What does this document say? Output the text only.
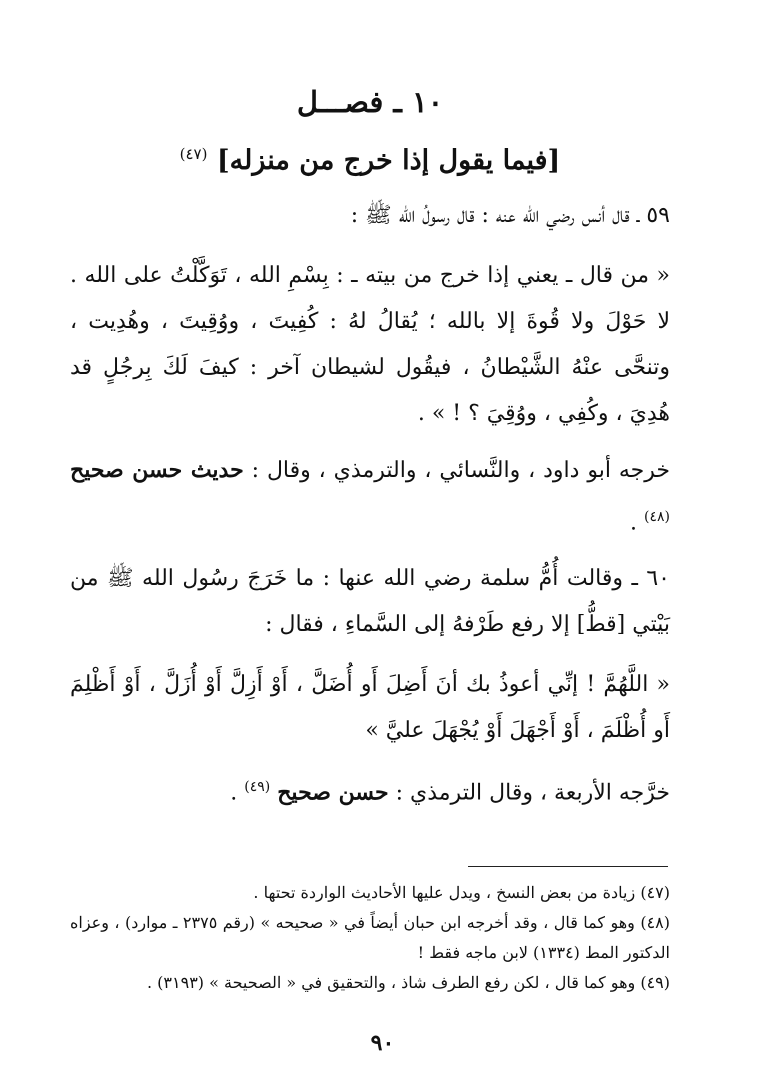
١٠ ـ فصـــل
[فيما يقول إذا خرج من منزله] $^{(٤٧)}$

٥٩ ـ قال أنس رضي الله عنه : قال رسولُ الله ﷺ :

« من قال ـ يعني إذا خرج من بيته ـ : بِسْمِ الله ، تَوَكَّلْتُ على الله . لا حَوْلَ ولا قُوةَ إلا بالله ؛ يُقالُ لهُ : كُفِيتَ ، ووُقِيتَ ، وهُدِيت ، وتنحَّى عنْهُ الشَّيْطانُ ، فيقُول لشيطان آخر : كيفَ لَكَ بِرجُلٍ قد هُدِيَ ، وكُفِي ، ووُقِيَ ؟ ! » .

خرجه أبو داود ، والنَّسائي ، والترمذي ، وقال : حديث حسن صحيح $^{(٤٨)}$ .

٦٠ ـ وقالت أُمُّ سلمة رضي الله عنها : ما خَرَجَ رسُول الله ﷺ من بَيْتي [قطُّ] إلا رفع طَرْفهُ إلى السَّماءِ ، فقال :

« اللَّهُمَّ ! إنِّي أعوذُ بك أنَ أَضِلَ أَو أُضَلَّ ، أَوْ أَزِلَّ أَوْ أُزَلَّ ، أَوْ أَظْلِمَ أَو أُظْلَمَ ، أَوْ أَجْهَلَ أَوْ يُجْهَلَ عليَّ »

خرَّجه الأربعة ، وقال الترمذي : حسن صحيح $^{(٤٩)}$ .

(٤٧) زيادة من بعض النسخ ، ويدل عليها الأحاديث الواردة تحتها .

(٤٨) وهو كما قال ، وقد أخرجه ابن حبان أيضاً في « صحيحه » (رقم ٢٣٧٥ ـ موارد) ، وعزاه الدكتور المط (١٣٣٤) لابن ماجه فقط !

(٤٩) وهو كما قال ، لكن رفع الطرف شاذ ، والتحقيق في « الصحيحة » (٣١٩٣) .

٩٠
